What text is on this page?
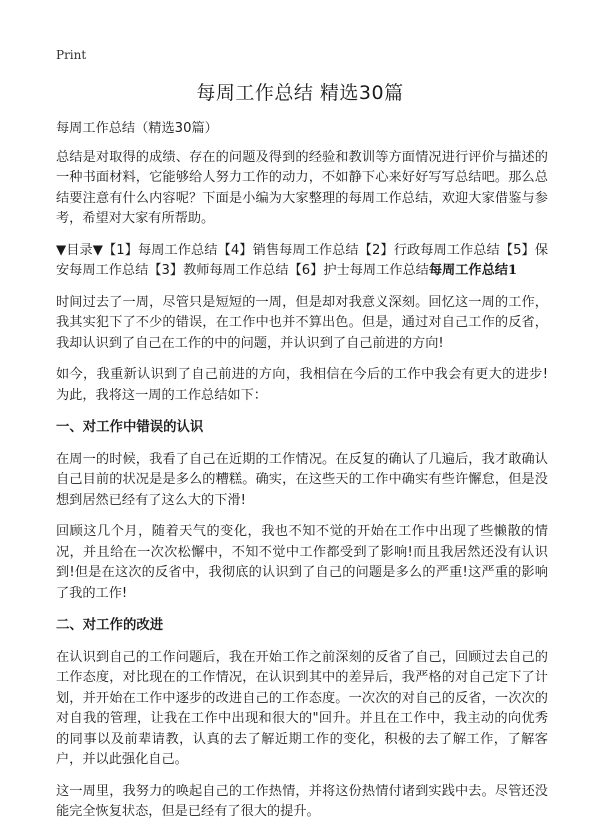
Print
每周工作总结 精选30篇

每周工作总结（精选30篇）

总结是对取得的成绩、存在的问题及得到的经验和教训等方面情况进行评价与描述的一种书面材料，它能够给人努力工作的动力，不如静下心来好好写写总结吧。那么总结要注意有什么内容呢？下面是小编为大家整理的每周工作总结，欢迎大家借鉴与参考，希望对大家有所帮助。

▼目录▼【1】每周工作总结【4】销售每周工作总结【2】行政每周工作总结【5】保安每周工作总结【3】教师每周工作总结【6】护士每周工作总结每周工作总结1

时间过去了一周，尽管只是短短的一周，但是却对我意义深刻。回忆这一周的工作，我其实犯下了不少的错误，在工作中也并不算出色。但是，通过对自己工作的反省，我却认识到了自己在工作的中的问题，并认识到了自己前进的方向!

如今，我重新认识到了自己前进的方向，我相信在今后的工作中我会有更大的进步!为此，我将这一周的工作总结如下：

一、对工作中错误的认识

在周一的时候，我看了自己在近期的工作情况。在反复的确认了几遍后，我才敢确认自己目前的状况是是多么的糟糕。确实，在这些天的工作中确实有些许懈怠，但是没想到居然已经有了这么大的下滑!

回顾这几个月，随着天气的变化，我也不知不觉的开始在工作中出现了些懒散的情况，并且给在一次次松懈中，不知不觉中工作都受到了影响!而且我居然还没有认识到!但是在这次的反省中，我彻底的认识到了自己的问题是多么的严重!这严重的影响了我的工作!

二、对工作的改进

在认识到自己的工作问题后，我在开始工作之前深刻的反省了自己，回顾过去自己的工作态度，对比现在的工作情况，在认识到其中的差异后，我严格的对自己定下了计划，并开始在工作中逐步的改进自己的工作态度。一次次的对自己的反省，一次次的对自我的管理，让我在工作中出现和很大的"回升。并且在工作中，我主动的向优秀的同事以及前辈请教，认真的去了解近期工作的变化，积极的去了解工作，了解客户，并以此强化自己。

这一周里，我努力的唤起自己的工作热情，并将这份热情付诸到实践中去。尽管还没能完全恢复状态，但是已经有了很大的提升。
